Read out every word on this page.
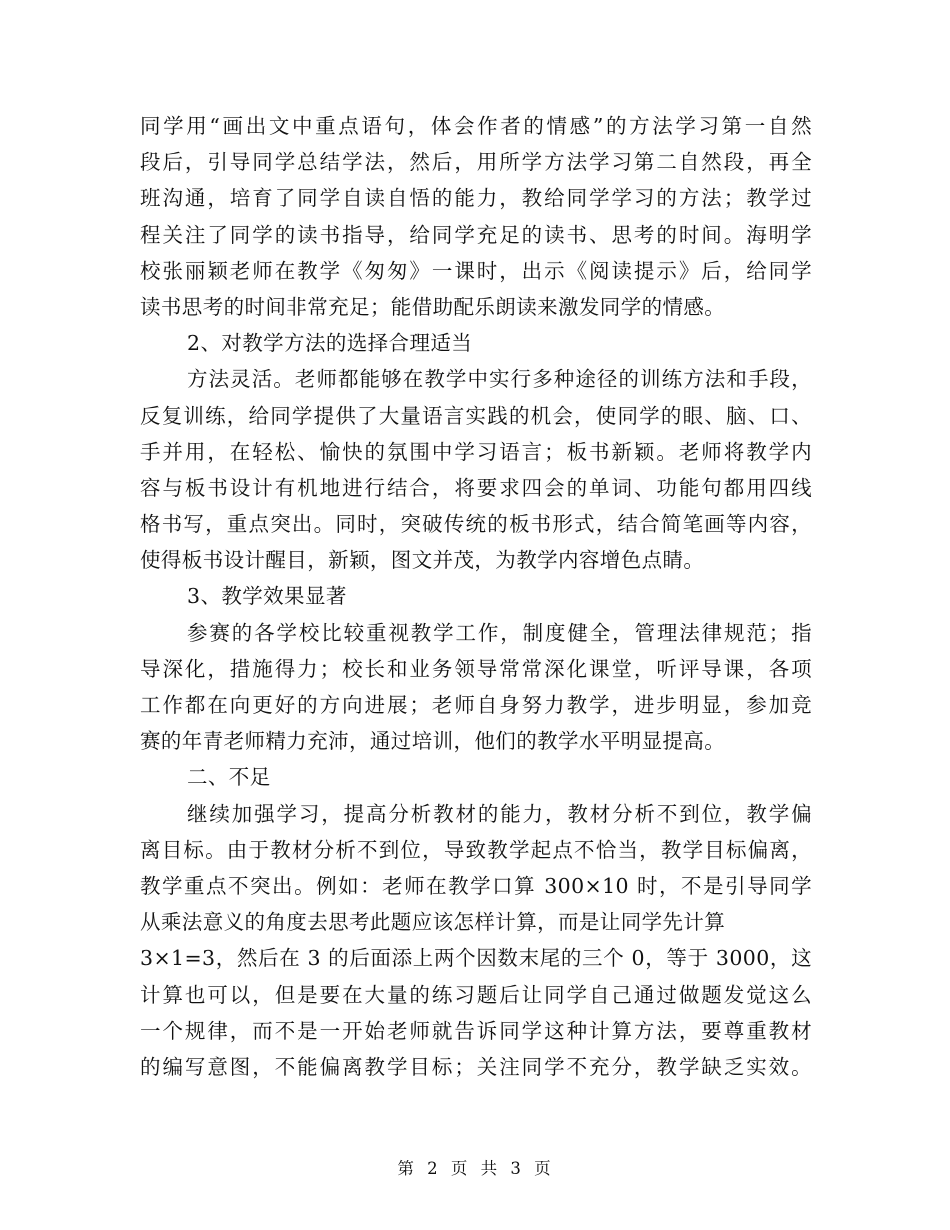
同学用“画出文中重点语句，体会作者的情感”的方法学习第一自然
段后，引导同学总结学法，然后，用所学方法学习第二自然段，再全
班沟通，培育了同学自读自悟的能力，教给同学学习的方法；教学过
程关注了同学的读书指导，给同学充足的读书、思考的时间。海明学
校张丽颖老师在教学《匆匆》一课时，出示《阅读提示》后，给同学
读书思考的时间非常充足；能借助配乐朗读来激发同学的情感。
2、对教学方法的选择合理适当
方法灵活。老师都能够在教学中实行多种途径的训练方法和手段，
反复训练，给同学提供了大量语言实践的机会，使同学的眼、脑、口、
手并用，在轻松、愉快的氛围中学习语言；板书新颖。老师将教学内
容与板书设计有机地进行结合，将要求四会的单词、功能句都用四线
格书写，重点突出。同时，突破传统的板书形式，结合简笔画等内容，
使得板书设计醒目，新颖，图文并茂，为教学内容增色点睛。
3、教学效果显著
参赛的各学校比较重视教学工作，制度健全，管理法律规范；指
导深化，措施得力；校长和业务领导常常深化课堂，听评导课，各项
工作都在向更好的方向进展；老师自身努力教学，进步明显，参加竞
赛的年青老师精力充沛，通过培训，他们的教学水平明显提高。
二、不足
继续加强学习，提高分析教材的能力，教材分析不到位，教学偏
离目标。由于教材分析不到位，导致教学起点不恰当，教学目标偏离，
教学重点不突出。例如：老师在教学口算 300×10 时，不是引导同学
从乘法意义的角度去思考此题应该怎样计算，而是让同学先计算
3×1=3，然后在 3 的后面添上两个因数末尾的三个 0，等于 3000，这
计算也可以，但是要在大量的练习题后让同学自己通过做题发觉这么
一个规律，而不是一开始老师就告诉同学这种计算方法，要尊重教材
的编写意图，不能偏离教学目标；关注同学不充分，教学缺乏实效。
第 2 页 共 3 页
